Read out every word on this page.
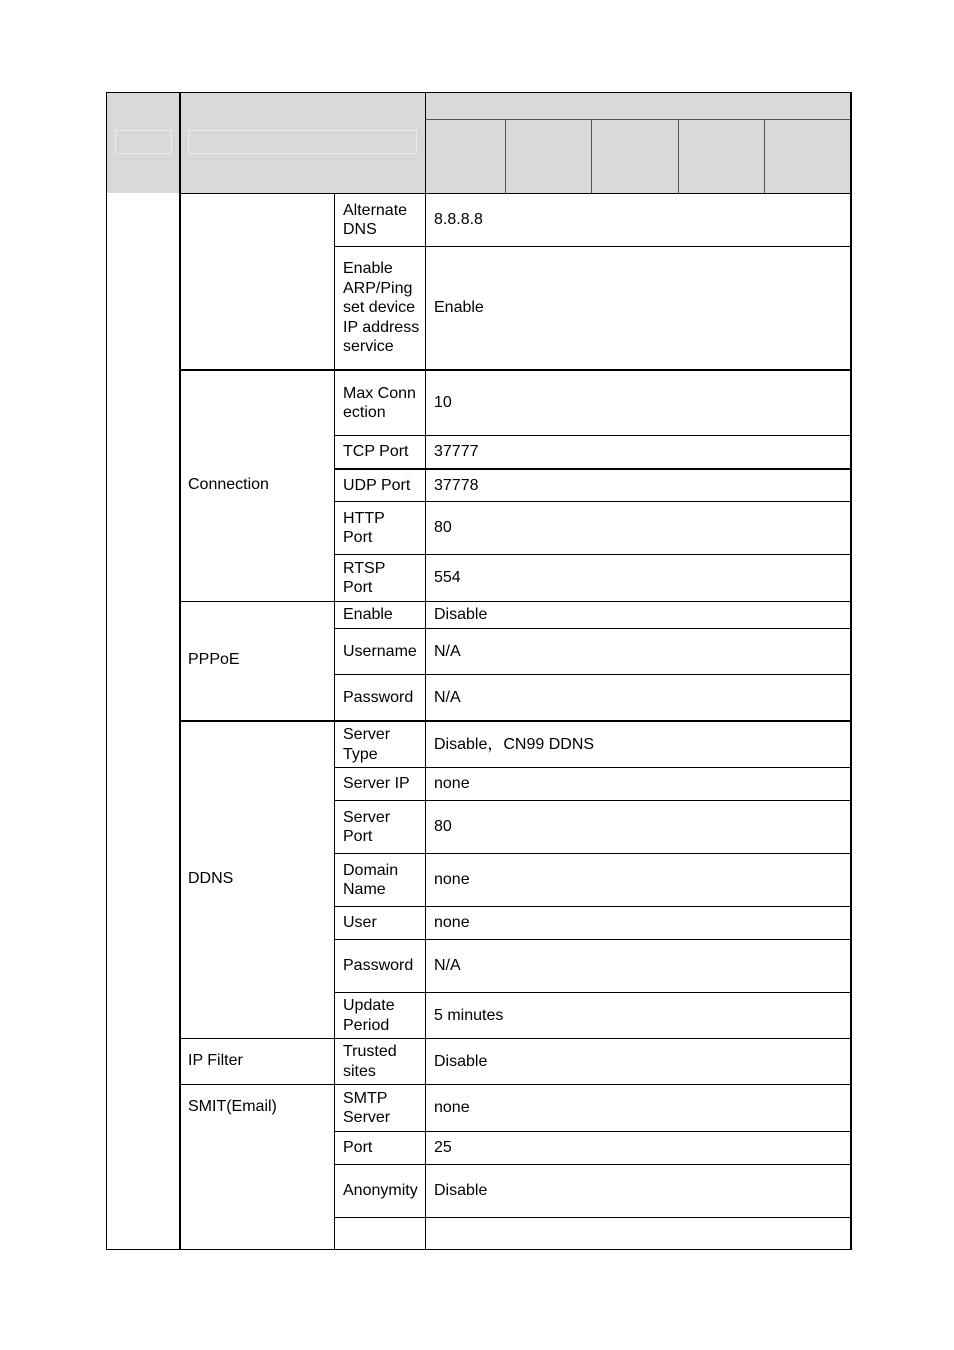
Connection
PPPoE
DDNS
IP Filter
SMIT(Email)
Alternate DNS
Enable ARP/Ping set device IP address service
Max Connection
TCP Port
UDP Port
HTTP Port
RTSP Port
Enable
Username
Password
Server Type
Server IP
Server Port
Domain Name
User
Password
Update Period
Trusted sites
SMTP Server
Port
Anonymity
8.8.8.8
Enable
10
37777
37778
80
554
Disable
N/A
N/A
Disable，CN99 DDNS
none
80
none
none
N/A
5 minutes
Disable
none
25
Disable
